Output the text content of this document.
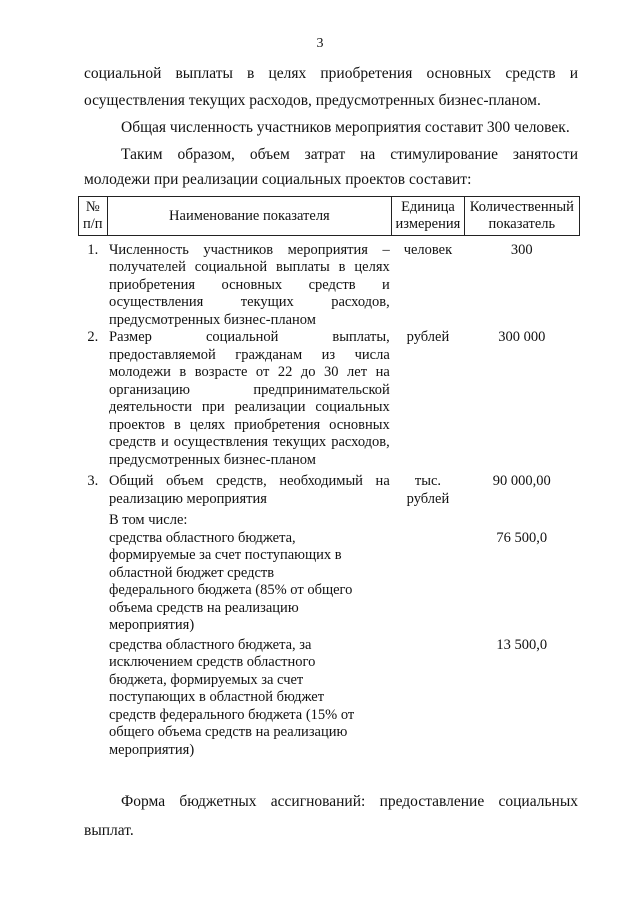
3
социальной выплаты в целях приобретения основных средств и
осуществления текущих расходов, предусмотренных бизнес-планом.
Общая численность участников мероприятия составит 300 человек.
Таким образом, объем затрат на стимулирование занятости
молодежи при реализации социальных проектов составит:
№ п/п	Наименование показателя	Единица измерения	Количественный показатель

1.	Численность участников мероприятия – получателей социальной выплаты в целях приобретения основных средств и осуществления текущих расходов, предусмотренных бизнес-планом	человек	300
2.	Размер социальной выплаты, предоставляемой гражданам из числа молодежи в возрасте от 22 до 30 лет на организацию предпринимательской деятельности при реализации социальных проектов в целях приобретения основных средств и осуществления текущих расходов, предусмотренных бизнес-планом	рублей	300 000

3.	Общий объем средств, необходимый на реализацию мероприятия	тыс. рублей	90 000,00

	В том числе:		
	средства областного бюджета, формируемые за счет поступающих в областной бюджет средств федерального бюджета (85% от общего объема средств на реализацию мероприятия)		76 500,0
	средства областного бюджета, за исключением средств областного бюджета, формируемых за счет поступающих в областной бюджет средств федерального бюджета (15% от общего объема средств на реализацию мероприятия)		13 500,0
Форма бюджетных ассигнований: предоставление социальных
выплат.
